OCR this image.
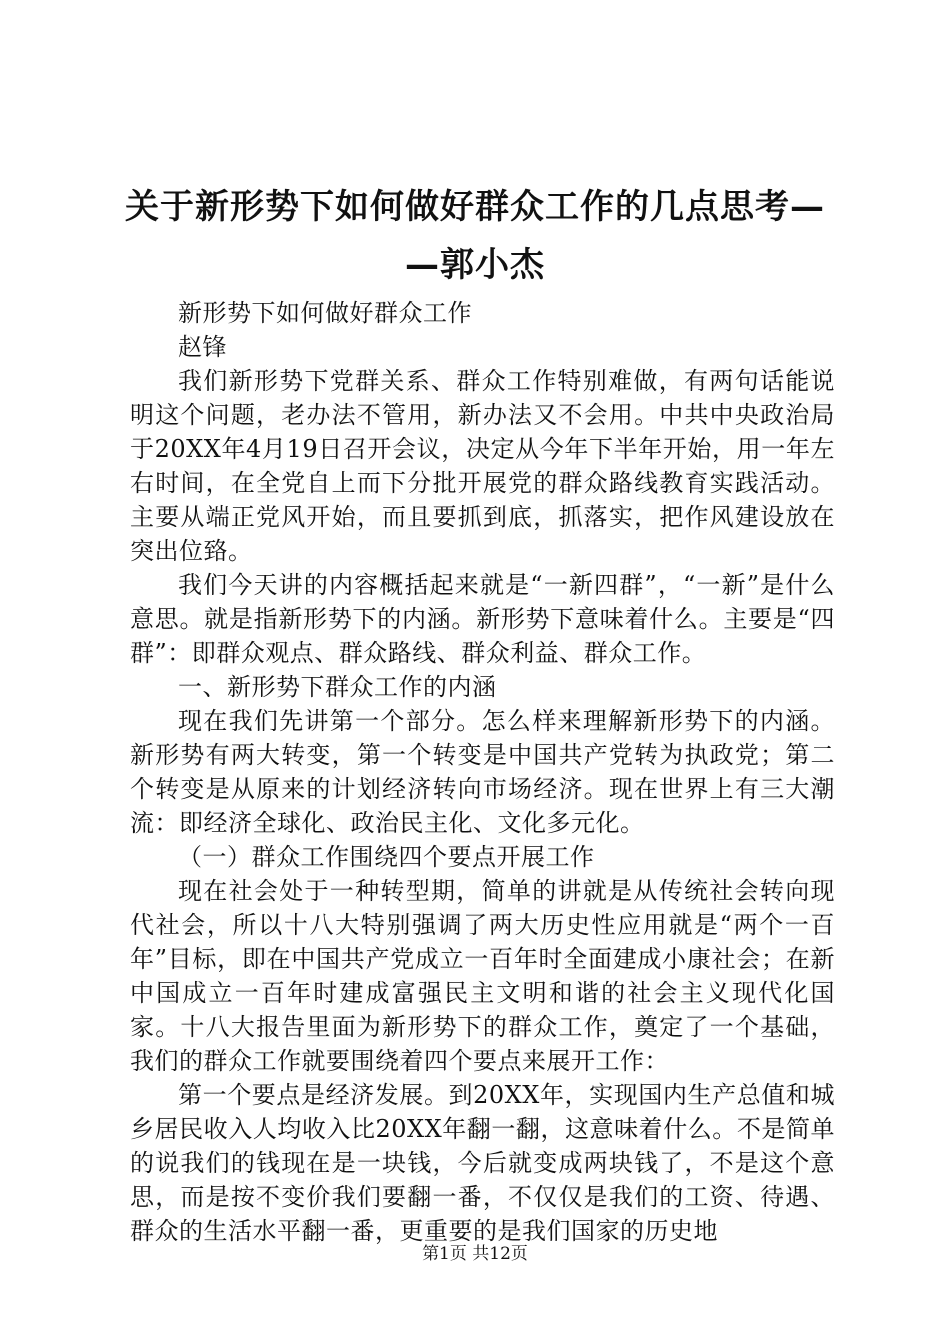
关于新形势下如何做好群众工作的几点思考—
—郭小杰

新形势下如何做好群众工作

赵锋

我们新形势下党群关系、群众工作特别难做，有两句话能说明这个问题，老办法不管用，新办法又不会用。中共中央政治局于20XX年4月19日召开会议，决定从今年下半年开始，用一年左右时间，在全党自上而下分批开展党的群众路线教育实践活动。主要从端正党风开始，而且要抓到底，抓落实，把作风建设放在突出位臵。

我们今天讲的内容概括起来就是“一新四群”，“一新”是什么意思。就是指新形势下的内涵。新形势下意味着什么。主要是“四群”：即群众观点、群众路线、群众利益、群众工作。

一、新形势下群众工作的内涵

现在我们先讲第一个部分。怎么样来理解新形势下的内涵。新形势有两大转变，第一个转变是中国共产党转为执政党；第二个转变是从原来的计划经济转向市场经济。现在世界上有三大潮流：即经济全球化、政治民主化、文化多元化。

（一）群众工作围绕四个要点开展工作

现在社会处于一种转型期，简单的讲就是从传统社会转向现代社会，所以十八大特别强调了两大历史性应用就是“两个一百年”目标，即在中国共产党成立一百年时全面建成小康社会；在新中国成立一百年时建成富强民主文明和谐的社会主义现代化国家。十八大报告里面为新形势下的群众工作，奠定了一个基础，我们的群众工作就要围绕着四个要点来展开工作：

第一个要点是经济发展。到20XX年，实现国内生产总值和城乡居民收入人均收入比20XX年翻一翻，这意味着什么。不是简单的说我们的钱现在是一块钱，今后就变成两块钱了，不是这个意思，而是按不变价我们要翻一番，不仅仅是我们的工资、待遇、群众的生活水平翻一番，更重要的是我们国家的历史地

第1页 共12页
